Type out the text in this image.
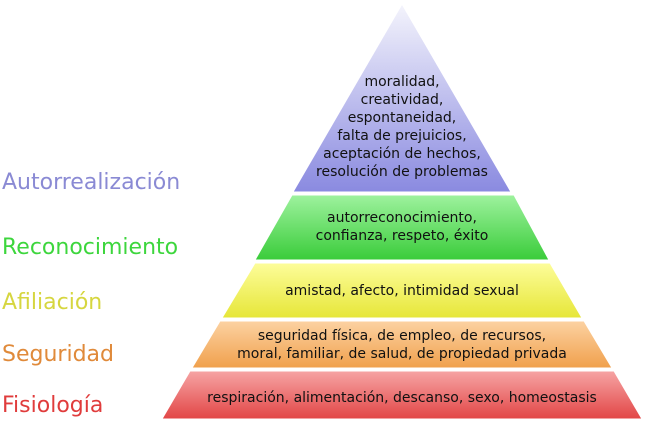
Autorrealización
Reconocimiento
Afiliación
Seguridad
Fisiología
moralidad,
creatividad,
espontaneidad,
falta de prejuicios,
aceptación de hechos,
resolución de problemas
autorreconocimiento,
confianza, respeto, éxito
amistad, afecto, intimidad sexual
seguridad física, de empleo, de recursos,
moral, familiar, de salud, de propiedad privada
respiración, alimentación, descanso, sexo, homeostasis
